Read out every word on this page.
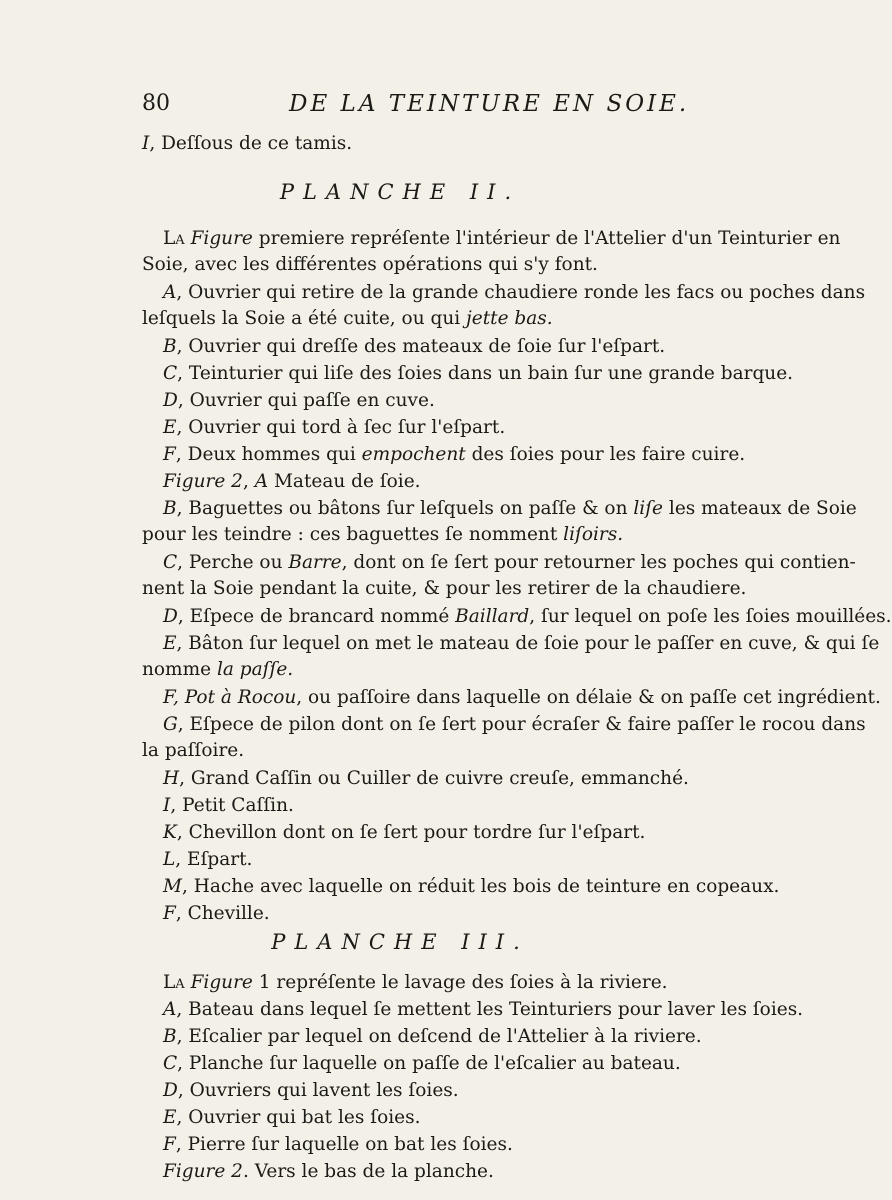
80	DE LA TEINTURE EN SOIE.
I, Deſſous de ce tamis.
PLANCHE II.
La Figure premiere repréſente l'intérieur de l'Attelier d'un Teinturier en
Soie, avec les différentes opérations qui s'y font.
A, Ouvrier qui retire de la grande chaudiere ronde les facs ou poches dans
leſquels la Soie a été cuite, ou qui jette bas.
B, Ouvrier qui dreſſe des mateaux de ſoie ſur l'eſpart.
C, Teinturier qui liſe des ſoies dans un bain ſur une grande barque.
D, Ouvrier qui paſſe en cuve.
E, Ouvrier qui tord à ſec ſur l'eſpart.
F, Deux hommes qui empochent des ſoies pour les faire cuire.
Figure 2, A Mateau de ſoie.
B, Baguettes ou bâtons ſur leſquels on paſſe & on liſe les mateaux de Soie
pour les teindre : ces baguettes ſe nomment liſoirs.
C, Perche ou Barre, dont on ſe ſert pour retourner les poches qui contien-
nent la Soie pendant la cuite, & pour les retirer de la chaudiere.
D, Eſpece de brancard nommé Baillard, ſur lequel on poſe les ſoies mouillées.
E, Bâton ſur lequel on met le mateau de ſoie pour le paſſer en cuve, & qui ſe
nomme la paſſe.
F, Pot à Rocou, ou paſſoire dans laquelle on délaie & on paſſe cet ingrédient.
G, Eſpece de pilon dont on ſe ſert pour écraſer & faire paſſer le rocou dans
la paſſoire.
H, Grand Caſſin ou Cuiller de cuivre creuſe, emmanché.
I, Petit Caſſin.
K, Chevillon dont on ſe ſert pour tordre ſur l'eſpart.
L, Eſpart.
M, Hache avec laquelle on réduit les bois de teinture en copeaux.
F, Cheville.
PLANCHE III.
La Figure 1 repréſente le lavage des ſoies à la riviere.
A, Bateau dans lequel ſe mettent les Teinturiers pour laver les ſoies.
B, Eſcalier par lequel on deſcend de l'Attelier à la riviere.
C, Planche ſur laquelle on paſſe de l'eſcalier au bateau.
D, Ouvriers qui lavent les ſoies.
E, Ouvrier qui bat les ſoies.
F, Pierre ſur laquelle on bat les ſoies.
Figure 2. Vers le bas de la planche.
